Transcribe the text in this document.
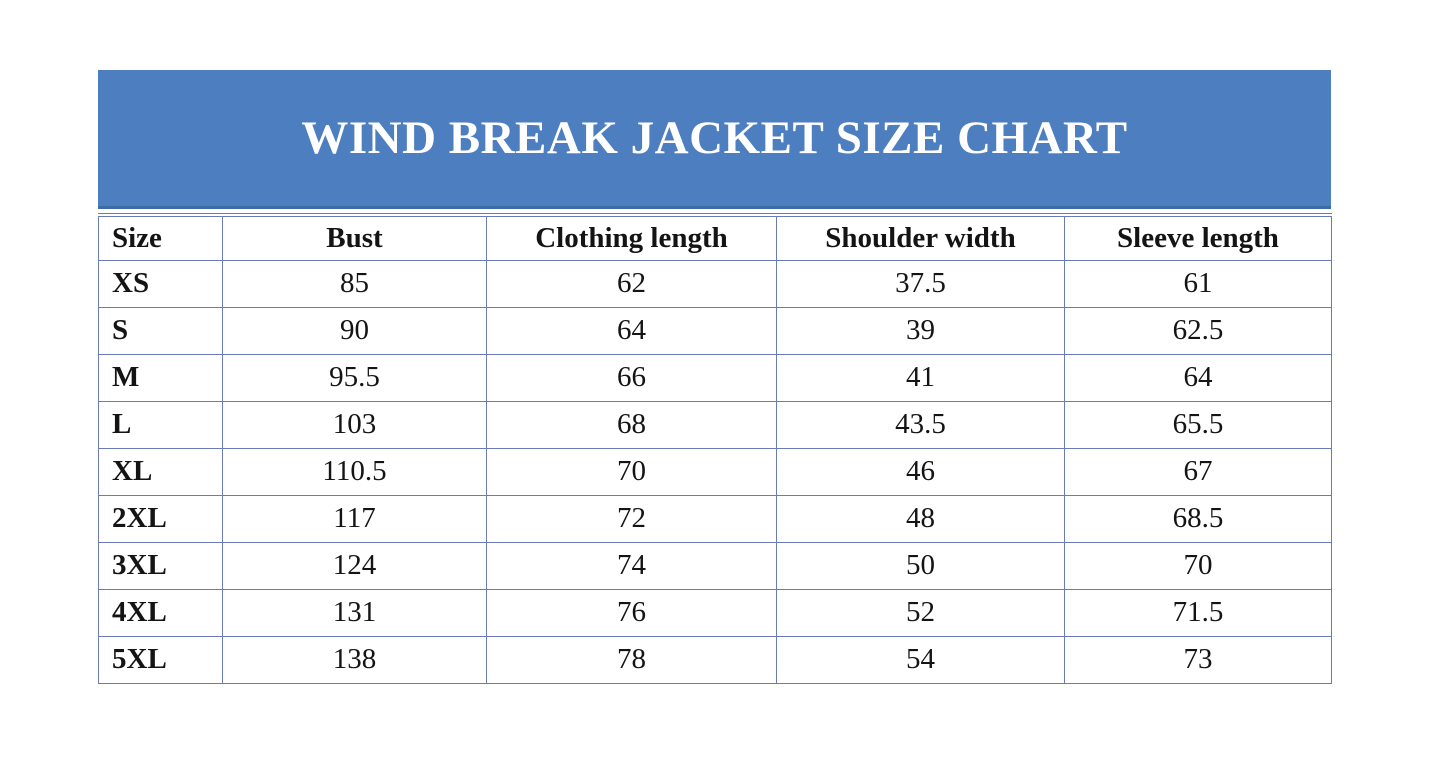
WIND BREAK JACKET SIZE CHART
Size	Bust	Clothing length	Shoulder width	Sleeve length
XS	85	62	37.5	61
S	90	64	39	62.5
M	95.5	66	41	64
L	103	68	43.5	65.5
XL	110.5	70	46	67
2XL	117	72	48	68.5
3XL	124	74	50	70
4XL	131	76	52	71.5
5XL	138	78	54	73
